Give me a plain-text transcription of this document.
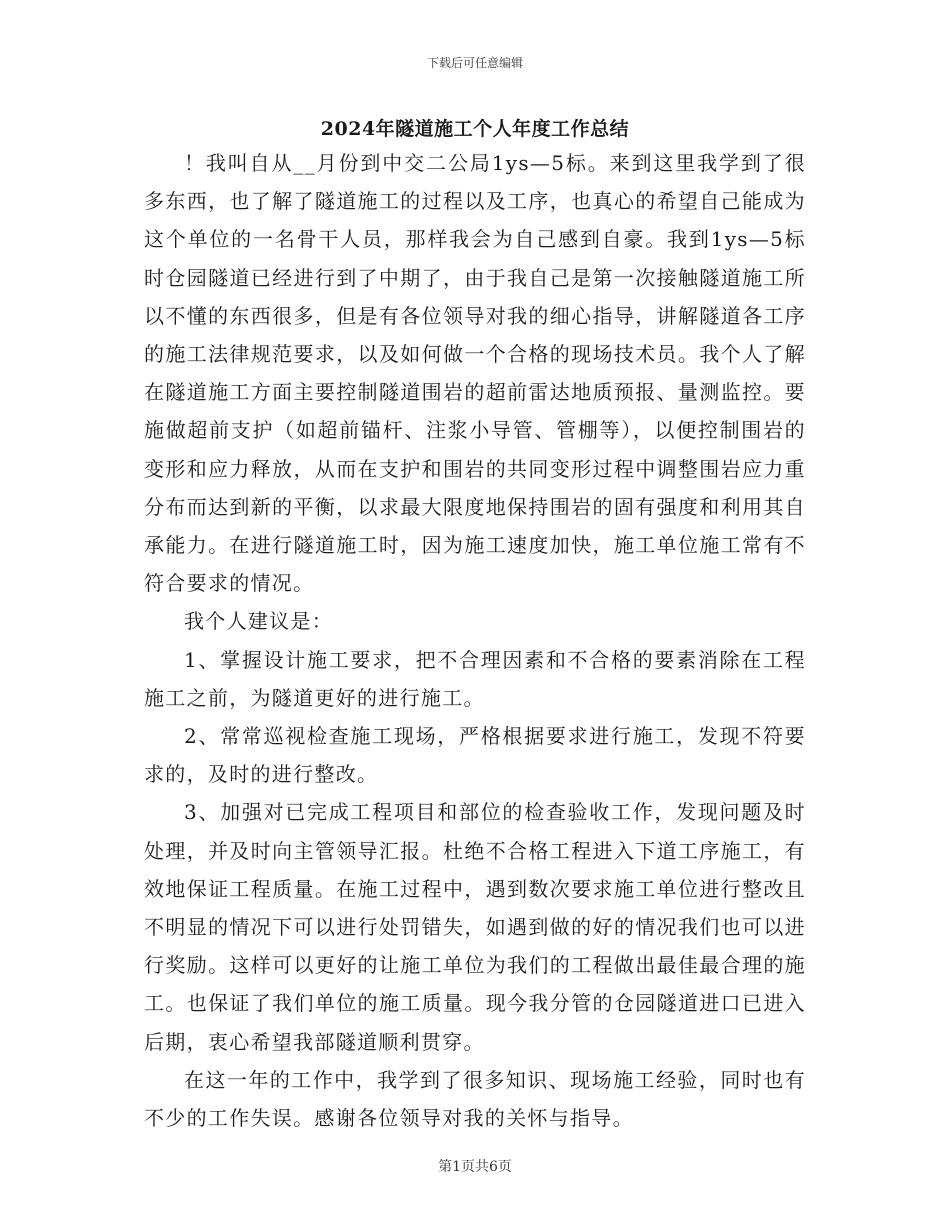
下载后可任意编辑
2024年隧道施工个人年度工作总结

！我叫自从__月份到中交二公局1ys—5标。来到这里我学到了很多东西，也了解了隧道施工的过程以及工序，也真心的希望自己能成为这个单位的一名骨干人员，那样我会为自己感到自豪。我到1ys—5标时仓园隧道已经进行到了中期了，由于我自己是第一次接触隧道施工所以不懂的东西很多，但是有各位领导对我的细心指导，讲解隧道各工序的施工法律规范要求，以及如何做一个合格的现场技术员。我个人了解在隧道施工方面主要控制隧道围岩的超前雷达地质预报、量测监控。要施做超前支护（如超前锚杆、注浆小导管、管棚等），以便控制围岩的变形和应力释放，从而在支护和围岩的共同变形过程中调整围岩应力重分布而达到新的平衡，以求最大限度地保持围岩的固有强度和利用其自承能力。在进行隧道施工时，因为施工速度加快，施工单位施工常有不符合要求的情况。

我个人建议是：

1、掌握设计施工要求，把不合理因素和不合格的要素消除在工程施工之前，为隧道更好的进行施工。

2、常常巡视检查施工现场，严格根据要求进行施工，发现不符要求的，及时的进行整改。

3、加强对已完成工程项目和部位的检查验收工作，发现问题及时处理，并及时向主管领导汇报。杜绝不合格工程进入下道工序施工，有效地保证工程质量。在施工过程中，遇到数次要求施工单位进行整改且不明显的情况下可以进行处罚错失，如遇到做的好的情况我们也可以进行奖励。这样可以更好的让施工单位为我们的工程做出最佳最合理的施工。也保证了我们单位的施工质量。现今我分管的仓园隧道进口已进入后期，衷心希望我部隧道顺利贯穿。

在这一年的工作中，我学到了很多知识、现场施工经验，同时也有不少的工作失误。感谢各位领导对我的关怀与指导。

第1页共6页
